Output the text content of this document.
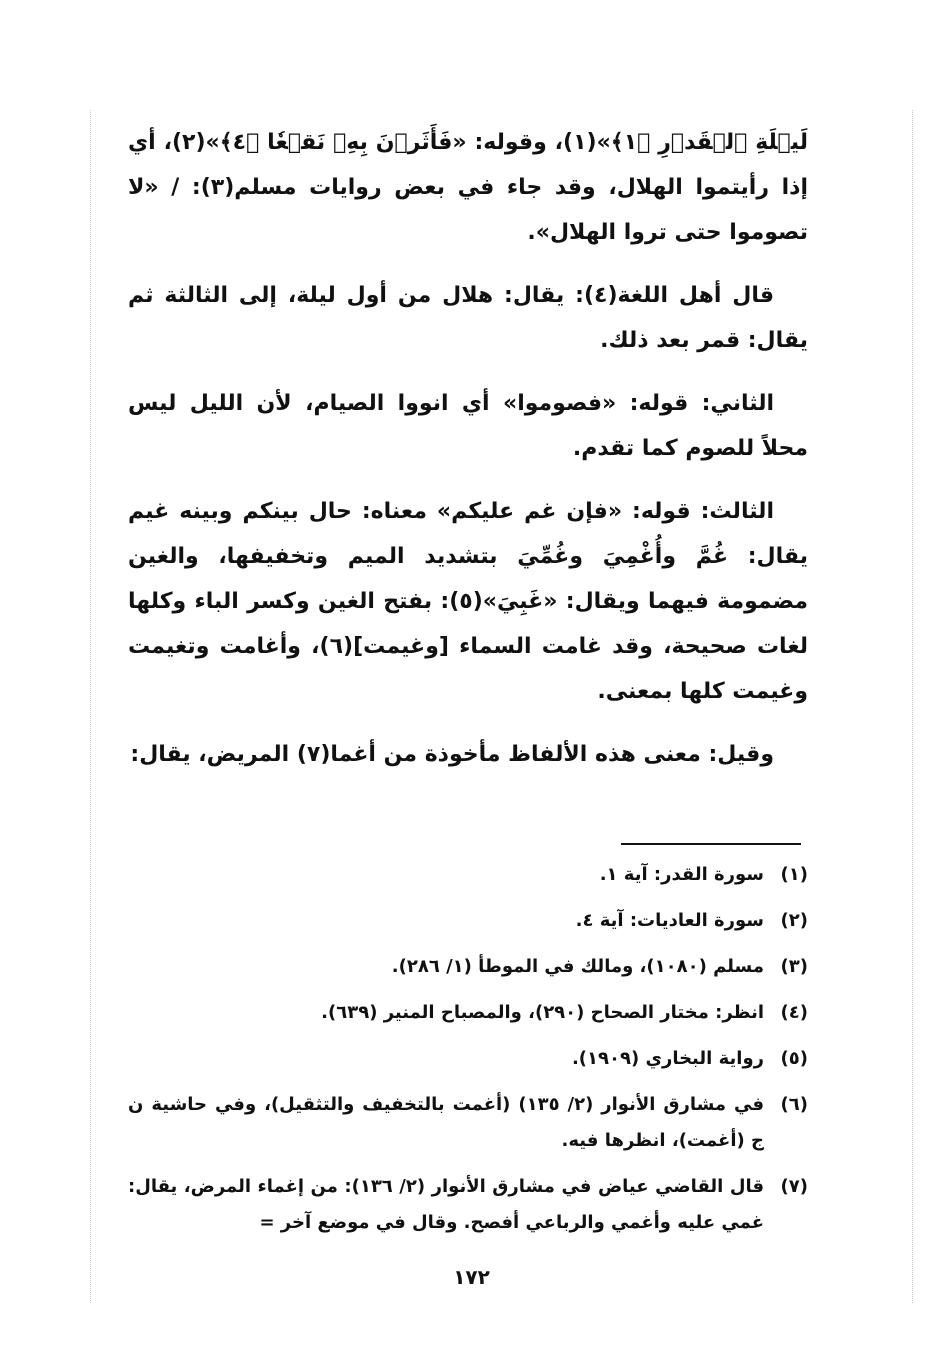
لَيۡلَةِ ٱلۡقَدۡرِ ﴿١﴾»(١)، وقوله: «فَأَثَرۡنَ بِهِۦ نَقۡعٗا ﴿٤﴾»(٢)، أي إذا رأيتموا الهلال، وقد جاء في بعض روايات مسلم(٣): / «لا تصوموا حتى تروا الهلال».

قال أهل اللغة(٤): يقال: هلال من أول ليلة، إلى الثالثة ثم يقال: قمر بعد ذلك.

الثاني: قوله: «فصوموا» أي انووا الصيام، لأن الليل ليس محلاً للصوم كما تقدم.

الثالث: قوله: «فإن غم عليكم» معناه: حال بينكم وبينه غيم يقال: غُمَّ وأُغْمِيَ وغُمِّيَ بتشديد الميم وتخفيفها، والغين مضمومة فيهما ويقال: «غَبِيَ»(٥): بفتح الغين وكسر الباء وكلها لغات صحيحة، وقد غامت السماء [وغيمت](٦)، وأغامت وتغيمت وغيمت كلها بمعنى.

وقيل: معنى هذه الألفاظ مأخوذة من أغما(٧) المريض، يقال:

(١)
سورة القدر: آية ١.
(٢)
سورة العاديات: آية ٤.
(٣)
مسلم (١٠٨٠)، ومالك في الموطأ (١/ ٢٨٦).
(٤)
انظر: مختار الصحاح (٢٩٠)، والمصباح المنير (٦٣٩).
(٥)
رواية البخاري (١٩٠٩).
(٦)
في مشارق الأنوار (٢/ ١٣٥) (أغمت بالتخفيف والتثقيل)، وفي حاشية ن ج (أغمت)، انظرها فيه.
(٧)
قال القاضي عياض في مشارق الأنوار (٢/ ١٣٦): من إغماء المرض، يقال: غمي عليه وأغمي والرباعي أفصح. وقال في موضع آخر =
١٧٢
